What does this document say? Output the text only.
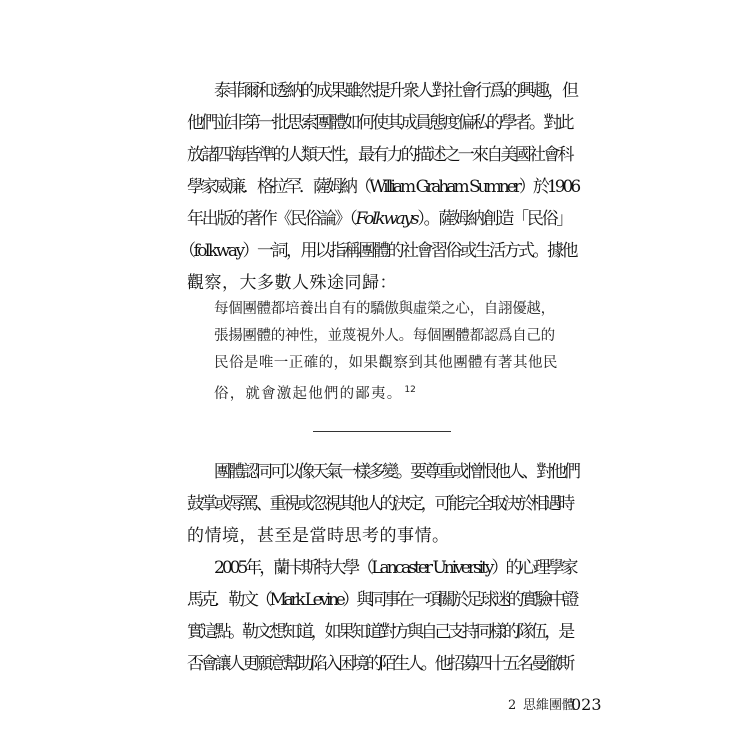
泰菲爾和透納的成果雖然提升衆人對社會行爲的興趣，但
他們並非第一批思索團體如何使其成員態度偏私的學者。對此
放諸四海皆準的人類天性，最有力的描述之一來自美國社會科
學家威廉．格拉罕．薩姆納（William Graham Sumner）於1906
年出版的著作《民俗論》（Folkways）。薩姆納創造「民俗」
（folkway）一詞，用以指稱團體的社會習俗或生活方式。據他
觀察，大多數人殊途同歸：
每個團體都培養出自有的驕傲與虛榮之心，自詡優越，
張揚團體的神性，並蔑視外人。每個團體都認爲自己的
民俗是唯一正確的，如果觀察到其他團體有著其他民
俗，就會激起他們的鄙夷。 $^{12}$
團體認同可以像天氣一樣多變。要尊重或憎恨他人、對他們
鼓掌或辱罵、重視或忽視其他人的決定，可能完全取決於相遇時
的情境，甚至是當時思考的事情。
2005年，蘭卡斯特大學（Lancaster University）的心理學家
馬克．勒文（Mark Levine）與同事在一項關於足球迷的實驗中證
實這點。勒文想知道，如果知道對方與自己支持同樣的隊伍，是
否會讓人更願意幫助陷入困境的陌生人。他招募四十五名曼徹斯
2 思維團體
023
